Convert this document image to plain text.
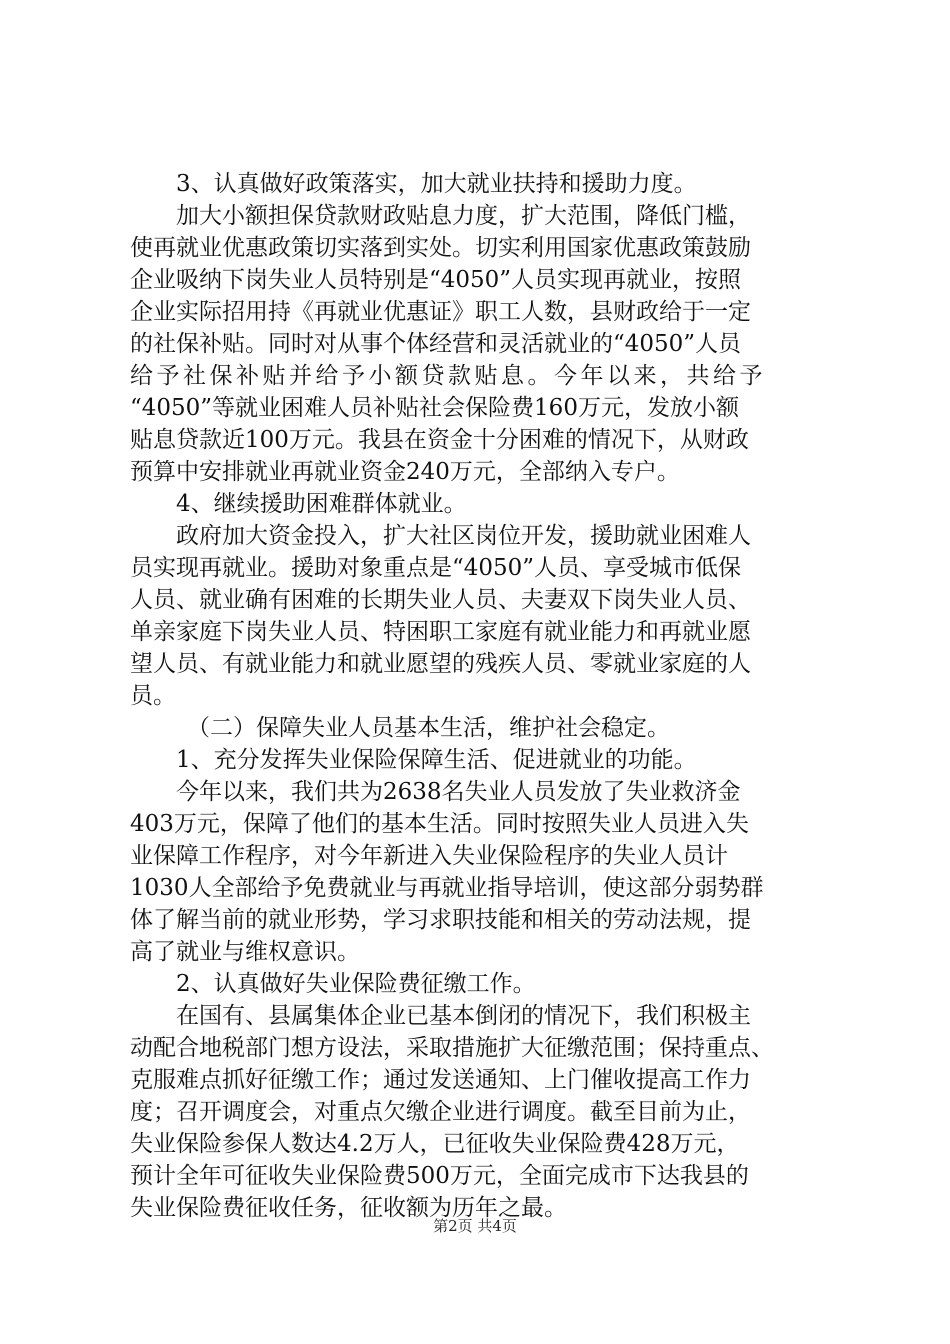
3、认真做好政策落实，加大就业扶持和援助力度。
加大小额担保贷款财政贴息力度，扩大范围，降低门槛，
使再就业优惠政策切实落到实处。切实利用国家优惠政策鼓励
企业吸纳下岗失业人员特别是“4050”人员实现再就业，按照
企业实际招用持《再就业优惠证》职工人数，县财政给于一定
的社保补贴。同时对从事个体经营和灵活就业的“4050”人员
给予社保补贴并给予小额贷款贴息。今年以来，共给予
“4050”等就业困难人员补贴社会保险费160万元，发放小额
贴息贷款近100万元。我县在资金十分困难的情况下，从财政
预算中安排就业再就业资金240万元，全部纳入专户。
4、继续援助困难群体就业。
政府加大资金投入，扩大社区岗位开发，援助就业困难人
员实现再就业。援助对象重点是“4050”人员、享受城市低保
人员、就业确有困难的长期失业人员、夫妻双下岗失业人员、
单亲家庭下岗失业人员、特困职工家庭有就业能力和再就业愿
望人员、有就业能力和就业愿望的残疾人员、零就业家庭的人
员。
（二）保障失业人员基本生活，维护社会稳定。
1、充分发挥失业保险保障生活、促进就业的功能。
今年以来，我们共为2638名失业人员发放了失业救济金
403万元，保障了他们的基本生活。同时按照失业人员进入失
业保障工作程序，对今年新进入失业保险程序的失业人员计
1030人全部给予免费就业与再就业指导培训，使这部分弱势群
体了解当前的就业形势，学习求职技能和相关的劳动法规，提
高了就业与维权意识。
2、认真做好失业保险费征缴工作。
在国有、县属集体企业已基本倒闭的情况下，我们积极主
动配合地税部门想方设法，采取措施扩大征缴范围；保持重点、
克服难点抓好征缴工作；通过发送通知、上门催收提高工作力
度；召开调度会，对重点欠缴企业进行调度。截至目前为止，
失业保险参保人数达4.2万人，已征收失业保险费428万元，
预计全年可征收失业保险费500万元，全面完成市下达我县的
失业保险费征收任务，征收额为历年之最。
第2页 共4页
